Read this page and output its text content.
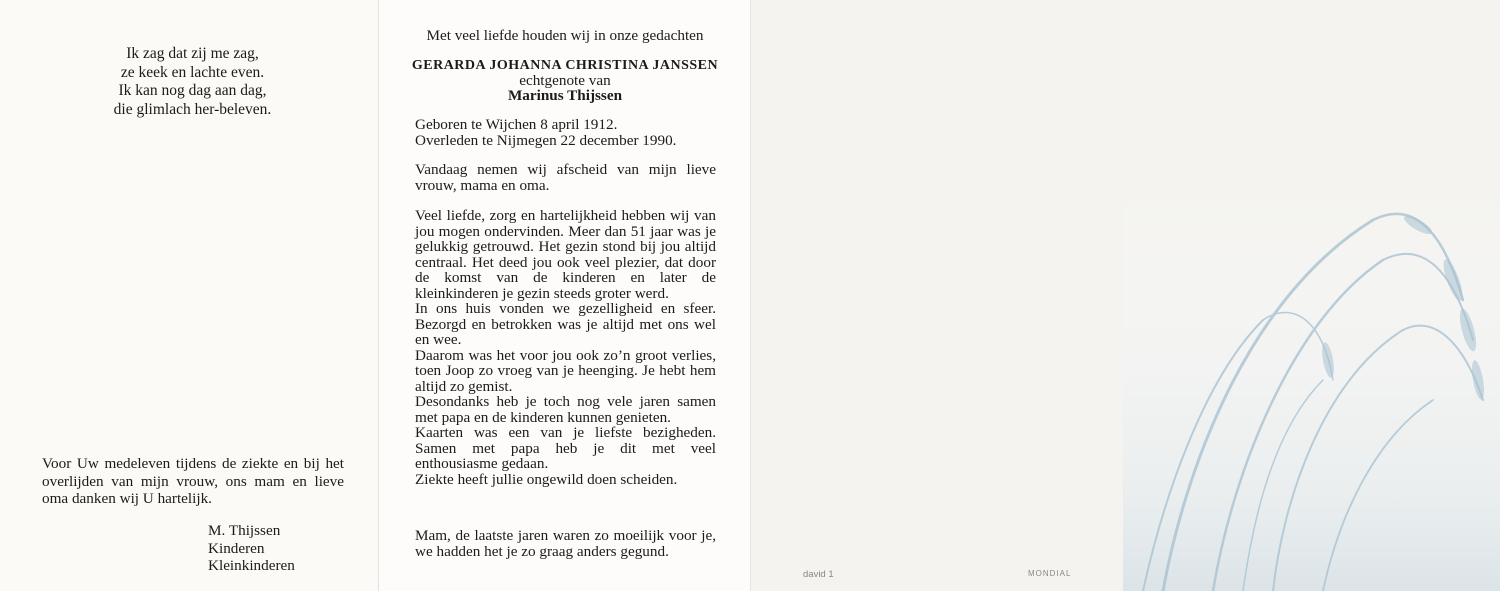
Ik zag dat zij me zag,
ze keek en lachte even.
Ik kan nog dag aan dag,
die glimlach her-beleven.
Voor Uw medeleven tijdens de ziekte en bij het overlijden van mijn vrouw, ons mam en lieve oma danken wij U hartelijk.
M. Thijssen
Kinderen
Kleinkinderen
Met veel liefde houden wij in onze gedachten
GERARDA JOHANNA CHRISTINA JANSSEN
echtgenote van
Marinus Thijssen

Geboren te Wijchen 8 april 1912.

Overleden te Nijmegen 22 december 1990.

Vandaag nemen wij afscheid van mijn lieve vrouw, mama en oma.

Veel liefde, zorg en hartelijkheid hebben wij van jou mogen ondervinden. Meer dan 51 jaar was je gelukkig getrouwd. Het gezin stond bij jou altijd centraal. Het deed jou ook veel plezier, dat door de komst van de kinderen en later de kleinkinderen je gezin steeds groter werd.

In ons huis vonden we gezelligheid en sfeer. Bezorgd en betrokken was je altijd met ons wel en wee.

Daarom was het voor jou ook zo’n groot verlies, toen Joop zo vroeg van je heenging. Je hebt hem altijd zo gemist.

Desondanks heb je toch nog vele jaren samen met papa en de kinderen kunnen genieten.

Kaarten was een van je liefste bezigheden. Samen met papa heb je dit met veel enthousiasme gedaan.

Ziekte heeft jullie ongewild doen scheiden.

Mam, de laatste jaren waren zo moeilijk voor je, we hadden het je zo graag anders gegund.

david 1	MONDIAL
